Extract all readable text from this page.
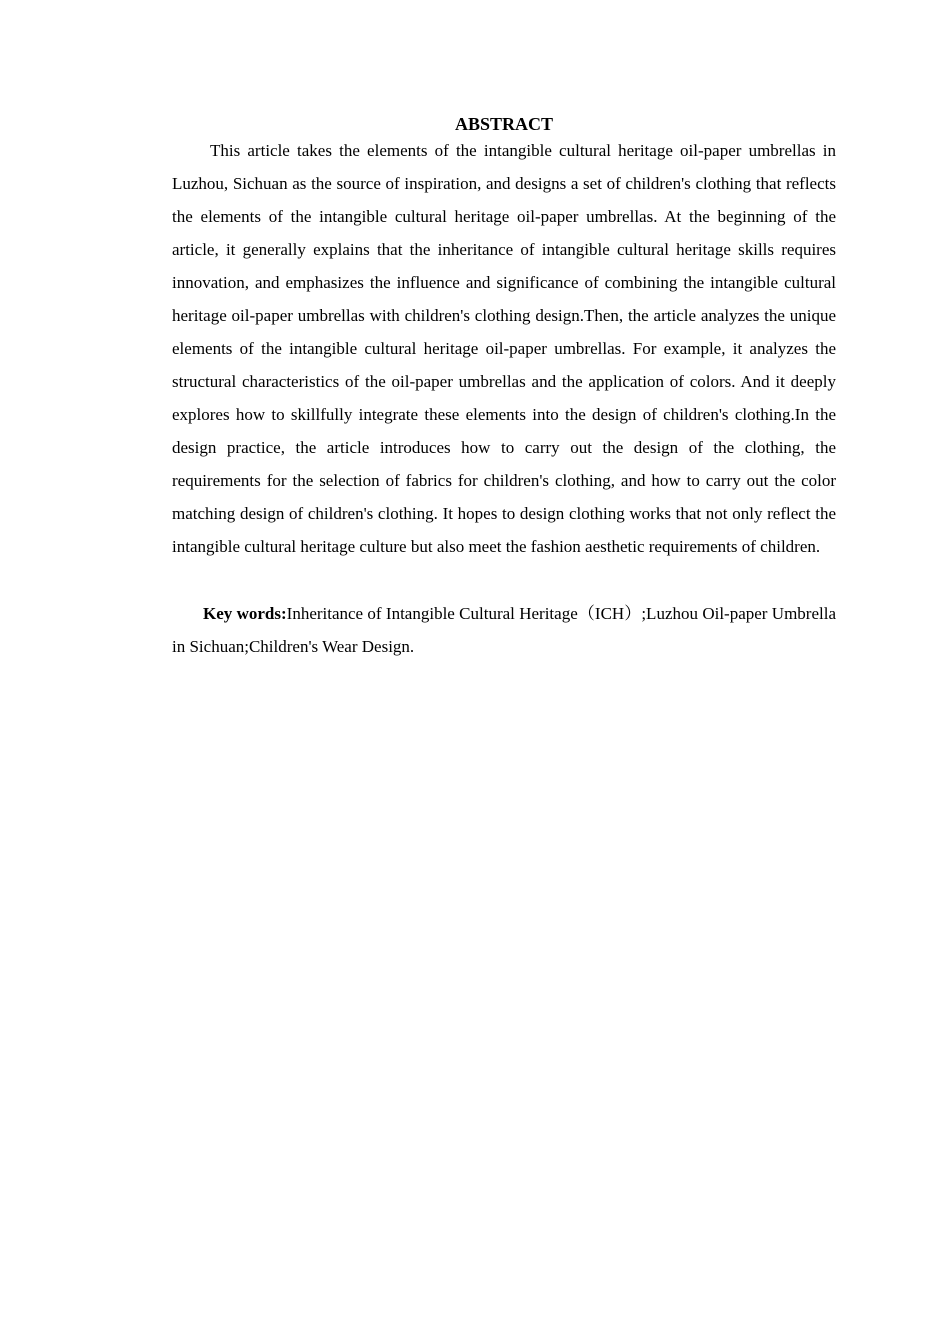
ABSTRACT

This article takes the elements of the intangible cultural heritage oil-paper umbrellas in Luzhou, Sichuan as the source of inspiration, and designs a set of children's clothing that reflects the elements of the intangible cultural heritage oil-paper umbrellas. At the beginning of the article, it generally explains that the inheritance of intangible cultural heritage skills requires innovation, and emphasizes the influence and significance of combining the intangible cultural heritage oil-paper umbrellas with children's clothing design.Then, the article analyzes the unique elements of the intangible cultural heritage oil-paper umbrellas. For example, it analyzes the structural characteristics of the oil-paper umbrellas and the application of colors. And it deeply explores how to skillfully integrate these elements into the design of children's clothing.In the design practice, the article introduces how to carry out the design of the clothing, the requirements for the selection of fabrics for children's clothing, and how to carry out the color matching design of children's clothing. It hopes to design clothing works that not only reflect the intangible cultural heritage culture but also meet the fashion aesthetic requirements of children.

Key words:Inheritance of Intangible Cultural Heritage（ICH）;Luzhou Oil-paper Umbrella in Sichuan;Children's Wear Design.
